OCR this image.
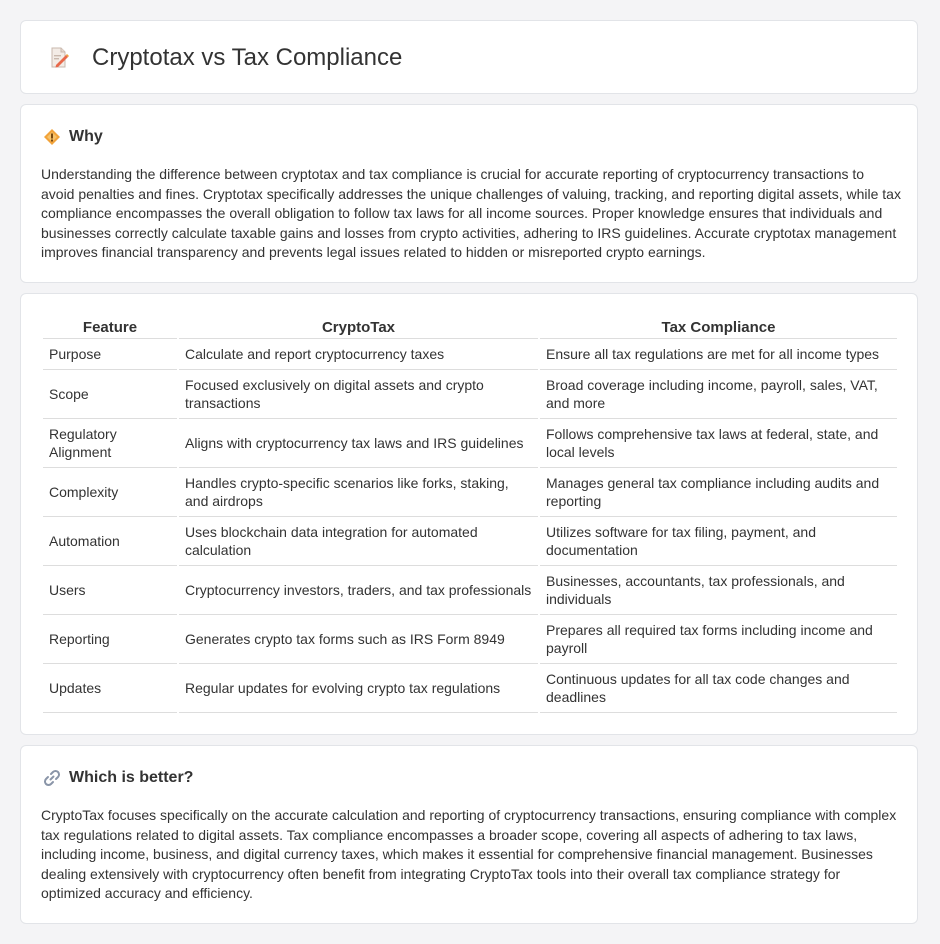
Cryptotax vs Tax Compliance
Why

Understanding the difference between cryptotax and tax compliance is crucial for accurate reporting of cryptocurrency transactions to avoid penalties and fines. Cryptotax specifically addresses the unique challenges of valuing, tracking, and reporting digital assets, while tax compliance encompasses the overall obligation to follow tax laws for all income sources. Proper knowledge ensures that individuals and businesses correctly calculate taxable gains and losses from crypto activities, adhering to IRS guidelines. Accurate cryptotax management improves financial transparency and prevents legal issues related to hidden or misreported crypto earnings.

Feature	CryptoTax	Tax Compliance
Purpose	Calculate and report cryptocurrency taxes	Ensure all tax regulations are met for all income types
Scope	Focused exclusively on digital assets and crypto transactions	Broad coverage including income, payroll, sales, VAT, and more
Regulatory Alignment	Aligns with cryptocurrency tax laws and IRS guidelines	Follows comprehensive tax laws at federal, state, and local levels
Complexity	Handles crypto-specific scenarios like forks, staking, and airdrops	Manages general tax compliance including audits and reporting
Automation	Uses blockchain data integration for automated calculation	Utilizes software for tax filing, payment, and documentation
Users	Cryptocurrency investors, traders, and tax professionals	Businesses, accountants, tax professionals, and individuals
Reporting	Generates crypto tax forms such as IRS Form 8949	Prepares all required tax forms including income and payroll
Updates	Regular updates for evolving crypto tax regulations	Continuous updates for all tax code changes and deadlines
Which is better?

CryptoTax focuses specifically on the accurate calculation and reporting of cryptocurrency transactions, ensuring compliance with complex tax regulations related to digital assets. Tax compliance encompasses a broader scope, covering all aspects of adhering to tax laws, including income, business, and digital currency taxes, which makes it essential for comprehensive financial management. Businesses dealing extensively with cryptocurrency often benefit from integrating CryptoTax tools into their overall tax compliance strategy for optimized accuracy and efficiency.
